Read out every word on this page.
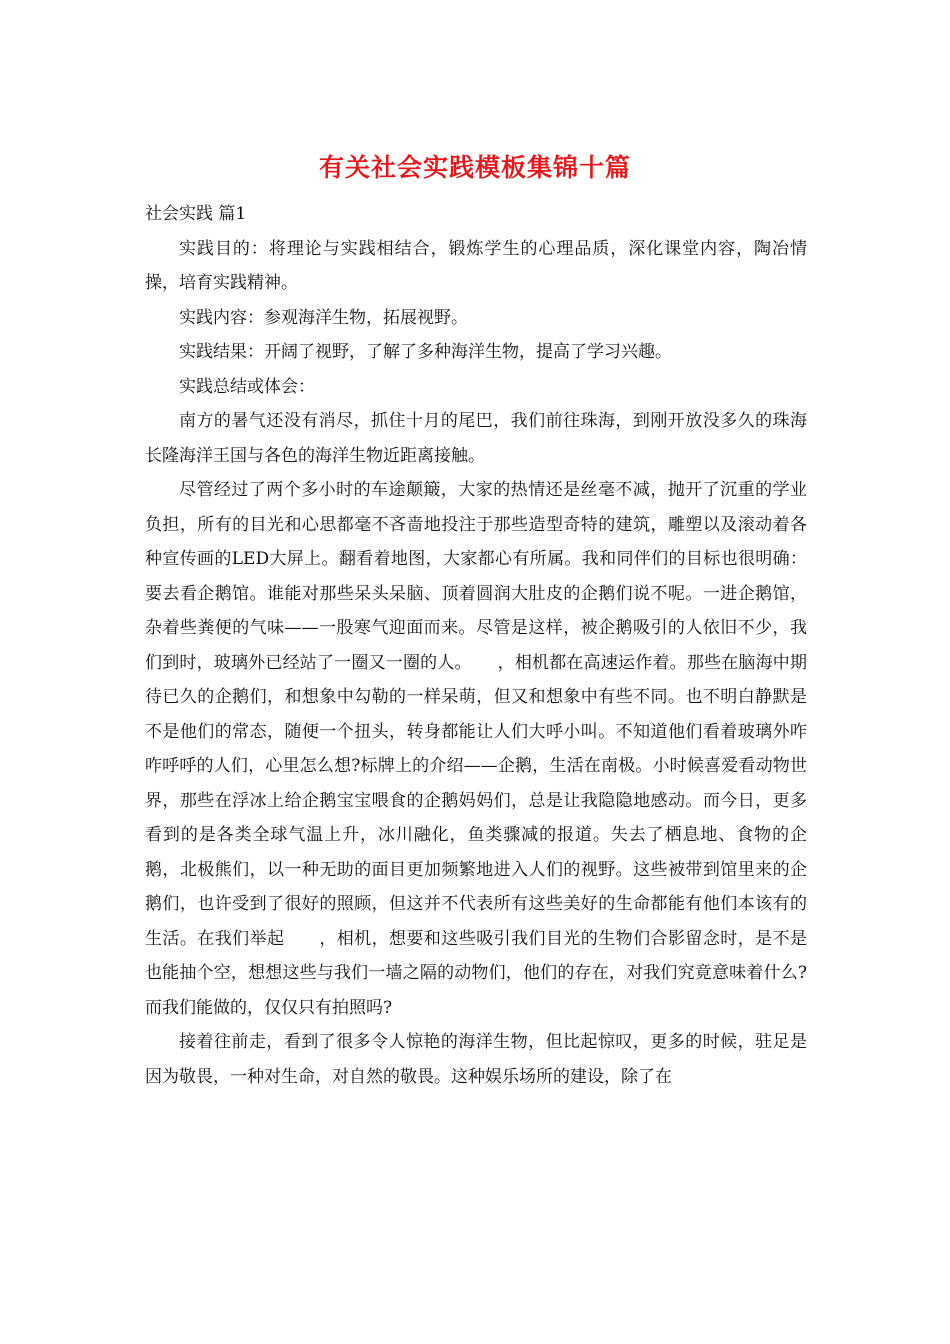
有关社会实践模板集锦十篇

社会实践 篇1

实践目的：将理论与实践相结合，锻炼学生的心理品质，深化课堂内容，陶冶情操，培育实践精神。

实践内容：参观海洋生物，拓展视野。

实践结果：开阔了视野，了解了多种海洋生物，提高了学习兴趣。

实践总结或体会：

南方的暑气还没有消尽，抓住十月的尾巴，我们前往珠海，到刚开放没多久的珠海长隆海洋王国与各色的海洋生物近距离接触。

尽管经过了两个多小时的车途颠簸，大家的热情还是丝毫不减，抛开了沉重的学业负担，所有的目光和心思都毫不吝啬地投注于那些造型奇特的建筑，雕塑以及滚动着各种宣传画的LED大屏上。翻看着地图，大家都心有所属。我和同伴们的目标也很明确：要去看企鹅馆。谁能对那些呆头呆脑、顶着圆润大肚皮的企鹅们说不呢。一进企鹅馆，杂着些粪便的气味——一股寒气迎面而来。尽管是这样，被企鹅吸引的人依旧不少，我们到时，玻璃外已经站了一圈又一圈的人。　　，相机都在高速运作着。那些在脑海中期待已久的企鹅们，和想象中勾勒的一样呆萌，但又和想象中有些不同。也不明白静默是不是他们的常态，随便一个扭头，转身都能让人们大呼小叫。不知道他们看着玻璃外咋咋呼呼的人们，心里怎么想?标牌上的介绍——企鹅，生活在南极。小时候喜爱看动物世界，那些在浮冰上给企鹅宝宝喂食的企鹅妈妈们，总是让我隐隐地感动。而今日，更多看到的是各类全球气温上升，冰川融化，鱼类骤减的报道。失去了栖息地、食物的企鹅，北极熊们，以一种无助的面目更加频繁地进入人们的视野。这些被带到馆里来的企鹅们，也许受到了很好的照顾，但这并不代表所有这些美好的生命都能有他们本该有的生活。在我们举起　　，相机，想要和这些吸引我们目光的生物们合影留念时，是不是也能抽个空，想想这些与我们一墙之隔的动物们，他们的存在，对我们究竟意味着什么?而我们能做的，仅仅只有拍照吗?

接着往前走，看到了很多令人惊艳的海洋生物，但比起惊叹，更多的时候，驻足是因为敬畏，一种对生命，对自然的敬畏。这种娱乐场所的建设，除了在
